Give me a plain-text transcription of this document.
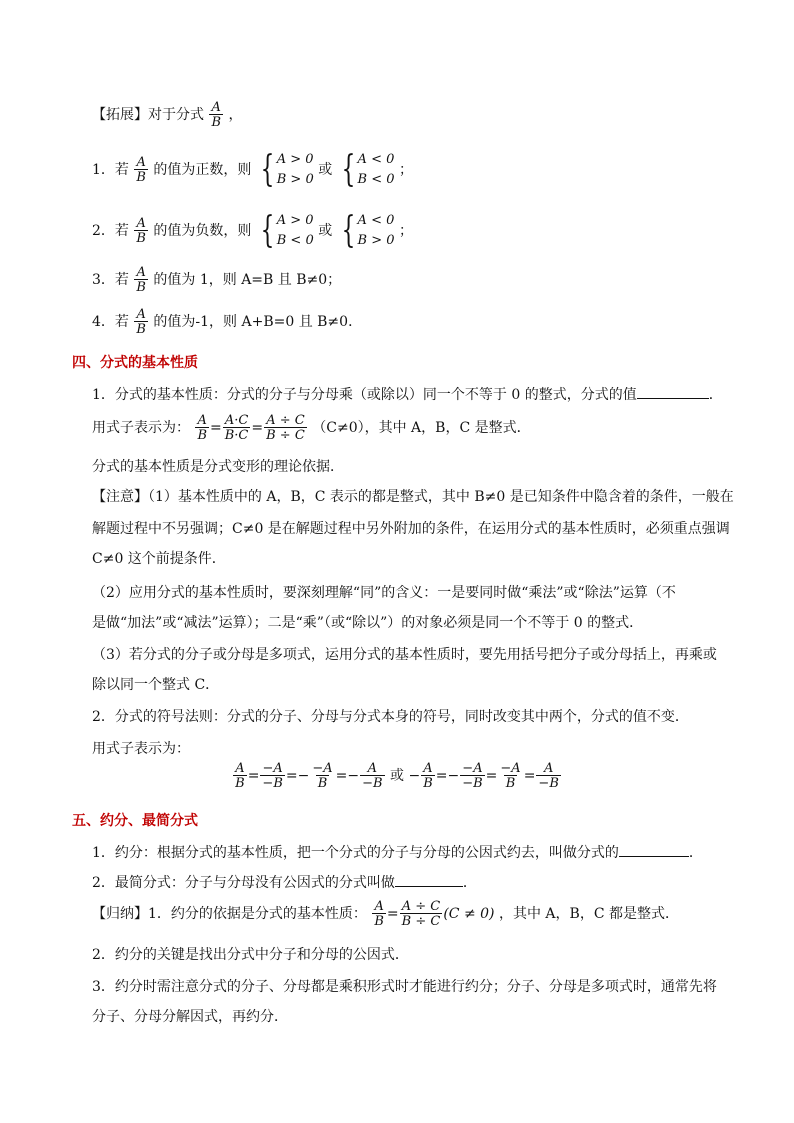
【拓展】对于分式 $\frac{A}{B}$ ，
1．若 $\frac{A}{B}$ 的值为正数，则 { A > 0
B > 0
或 { A < 0
B < 0
；
2．若 $\frac{A}{B}$ 的值为负数，则 { A > 0
B < 0
或 { A < 0
B > 0
；
3．若 $\frac{A}{B}$ 的值为 1，则 A=B 且 B≠0；
4．若 $\frac{A}{B}$ 的值为-1，则 A+B=0 且 B≠0．
四、分式的基本性质
1．分式的基本性质：分式的分子与分母乘（或除以）同一个不等于 0 的整式，分式的值	．
用式子表示为： $\frac{A}{B} = \frac{A\cdot C}{B\cdot C} = \frac{A \div C}{B \div C} (C\ne 0)$，其中 A，B，C 是整式．
分式的基本性质是分式变形的理论依据．
【注意】（1）基本性质中的 A，B，C 表示的都是整式，其中 B≠0 是已知条件中隐含着的条件，一般在
解题过程中不另强调；C≠0 是在解题过程中另外附加的条件，在运用分式的基本性质时，必须重点强调
C≠0 这个前提条件．
（2）应用分式的基本性质时，要深刻理解“同”的含义：一是要同时做“乘法”或“除法”运算（不
是做“加法”或“减法”运算）；二是“乘”（或“除以”）的对象必须是同一个不等于 0 的整式．
（3）若分式的分子或分母是多项式，运用分式的基本性质时，要先用括号把分子或分母括上，再乘或
除以同一个整式 C．
2．分式的符号法则：分式的分子、分母与分式本身的符号，同时改变其中两个，分式的值不变．
用式子表示为：
$\frac{A}{B} = \frac{-A}{-B} =- \frac{-A}{B} =- \frac{A}{-B}$ 或 − $\frac{A}{B} =- \frac{-A}{-B} = \frac{-A}{B} = \frac{A}{-B}$
五、约分、最简分式
1．约分：根据分式的基本性质，把一个分式的分子与分母的公因式约去，叫做分式的	．
2．最简分式：分子与分母没有公因式的分式叫做	．
【归纳】1．约分的依据是分式的基本性质： $\frac{A}{B} = \frac{A \div C}{B \div C} (C \ne 0)$ ，其中 A，B，C 都是整式．
2．约分的关键是找出分式中分子和分母的公因式．
3．约分时需注意分式的分子、分母都是乘积形式时才能进行约分；分子、分母是多项式时，通常先将
分子、分母分解因式，再约分．
